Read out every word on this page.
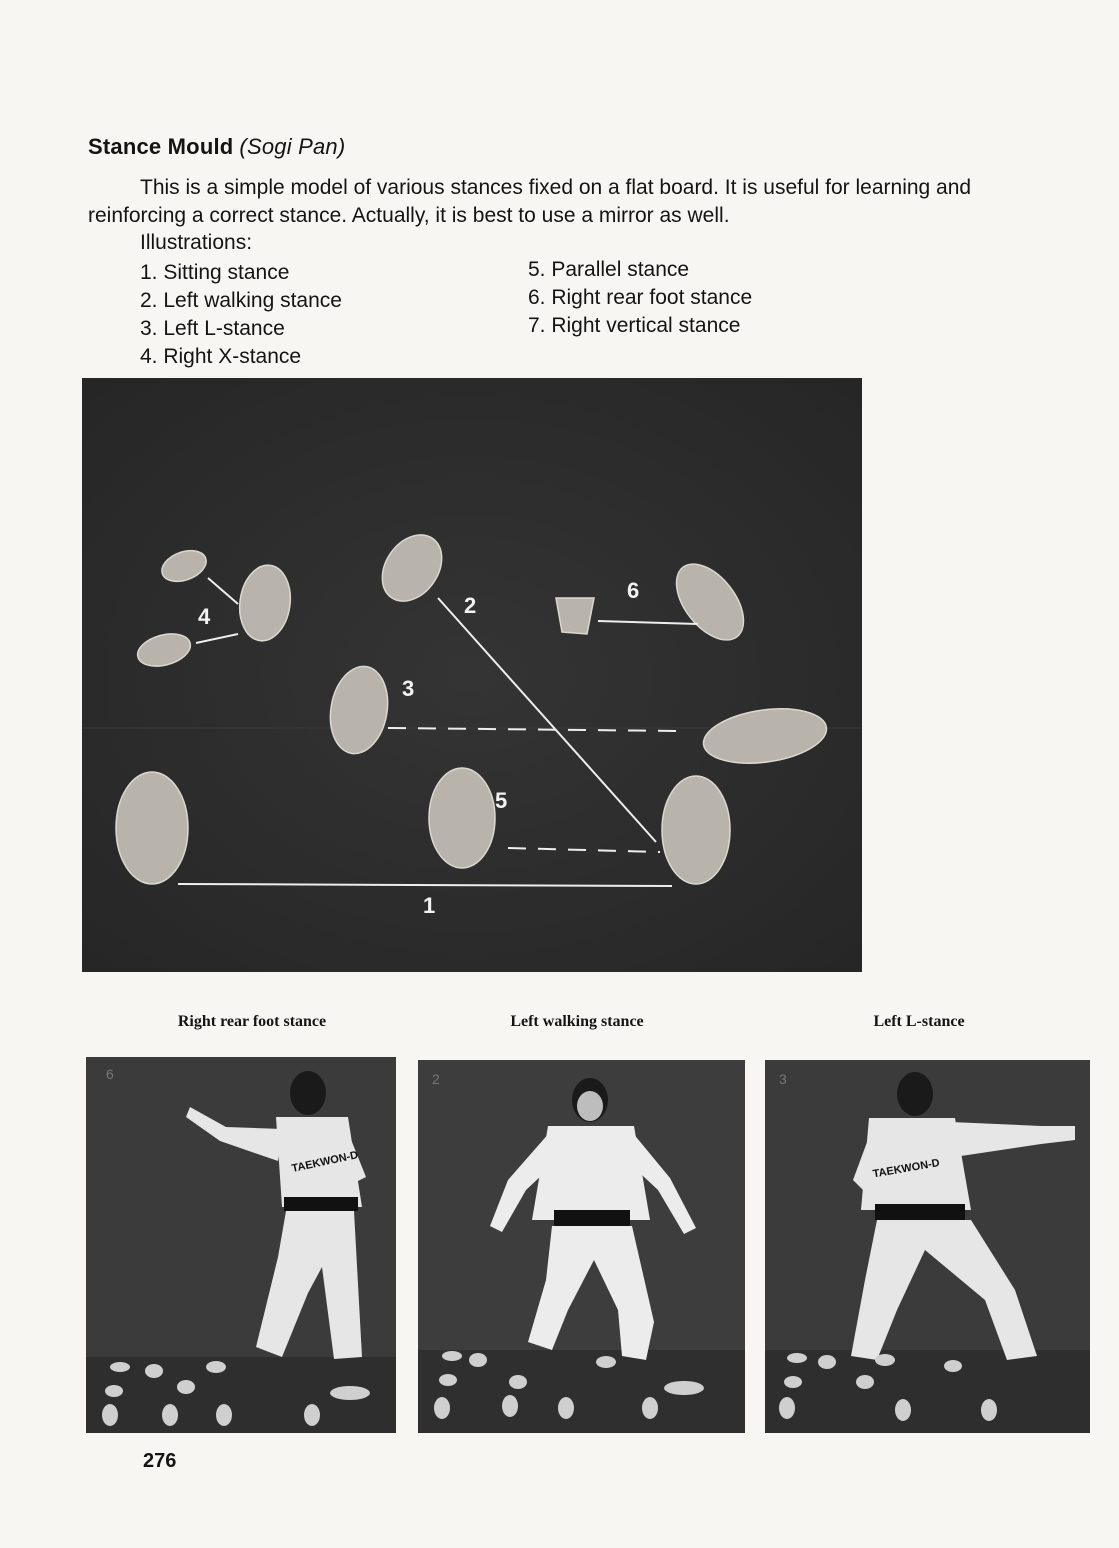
Stance Mould (Sogi Pan)

This is a simple model of various stances fixed on a flat board. It is useful for learning and reinforcing a correct stance. Actually, it is best to use a mirror as well.

Illustrations:
1. Sitting stance
2. Left walking stance
3. Left L-stance
4. Right X-stance
5. Parallel stance
6. Right rear foot stance
7. Right vertical stance
1
2
3
4
5
6
Right rear foot stance	Left walking stance	Left L-stance
6
TAEKWON-D
2	3
TAEKWON-D
276
